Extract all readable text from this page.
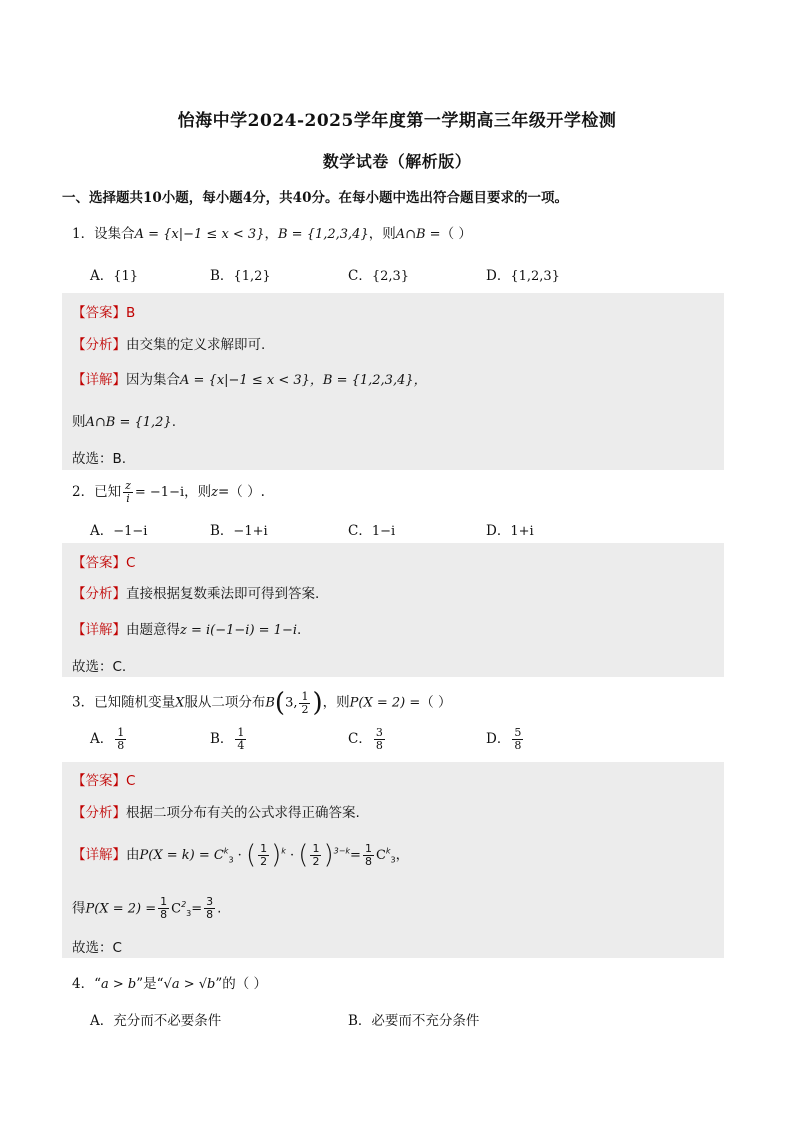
怡海中学2024-2025学年度第一学期高三年级开学检测
数学试卷（解析版）
一、选择题共10小题，每小题4分，共40分。在每小题中选出符合题目要求的一项。
1．设集合A = {x|−1 ≤ x < 3}，B = {1,2,3,4}，则A∩B =（ ）
A．{1}	B．{1,2}	C．{2,3}	D．{1,2,3}
【答案】B
【分析】由交集的定义求解即可.
【详解】因为集合A = {x|−1 ≤ x < 3}，B = {1,2,3,4}，
则A∩B = {1,2}.
故选：B.
2．已知 $\frac{z}{i} = -1-i$，则z=（ ）.
A．−1−i	B．−1+i	C．1−i	D．1+i
【答案】C
【分析】直接根据复数乘法即可得到答案.
【详解】由题意得z = i(−1−i) = 1−i.
故选：C.
3．已知随机变量X服从二项分布B(3, $\frac{1}{2}$ )，则P(X = 2) =（ ）
A． $\frac{1}{8}$	B． $\frac{1}{4}$	C． $\frac{3}{8}$	D． $\frac{5}{8}$
【答案】C
【分析】根据二项分布有关的公式求得正确答案.
【详解】由$P(X = k) = C^k_3$ · ( $\frac{1}{2} )^k$ · ( $\frac{1}{2} )^{3-k}= \frac{1}{8} C^k_3$，
得$P(X = 2) = \frac{1}{8} C^2_3= \frac{3}{8}$ .
故选：C
4．“a > b”是“√a > √b”的（ ）
A．充分而不必要条件	B．必要而不充分条件
